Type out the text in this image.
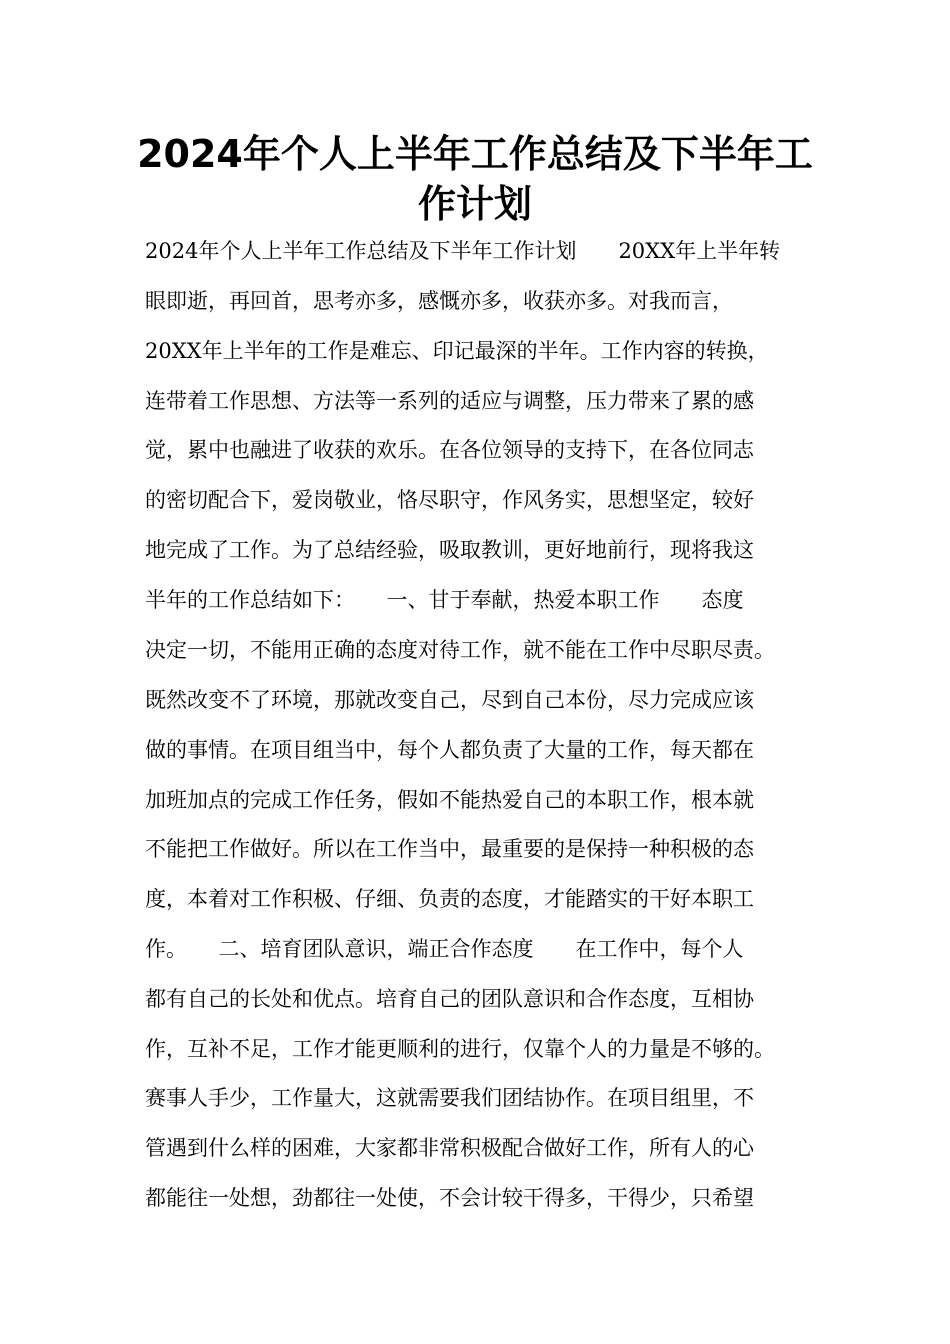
2024年个人上半年工作总结及下半年工
作计划

2024年个人上半年工作总结及下半年工作计划　　20XX年上半年转

眼即逝，再回首，思考亦多，感慨亦多，收获亦多。对我而言，

20XX年上半年的工作是难忘、印记最深的半年。工作内容的转换，

连带着工作思想、方法等一系列的适应与调整，压力带来了累的感

觉，累中也融进了收获的欢乐。在各位领导的支持下，在各位同志

的密切配合下，爱岗敬业，恪尽职守，作风务实，思想坚定，较好

地完成了工作。为了总结经验，吸取教训，更好地前行，现将我这

半年的工作总结如下：　　一、甘于奉献，热爱本职工作　　态度

决定一切，不能用正确的态度对待工作，就不能在工作中尽职尽责。

既然改变不了环境，那就改变自己，尽到自己本份，尽力完成应该

做的事情。在项目组当中，每个人都负责了大量的工作，每天都在

加班加点的完成工作任务，假如不能热爱自己的本职工作，根本就

不能把工作做好。所以在工作当中，最重要的是保持一种积极的态

度，本着对工作积极、仔细、负责的态度，才能踏实的干好本职工

作。　　二、培育团队意识，端正合作态度　　在工作中，每个人

都有自己的长处和优点。培育自己的团队意识和合作态度，互相协

作，互补不足，工作才能更顺利的进行，仅靠个人的力量是不够的。

赛事人手少，工作量大，这就需要我们团结协作。在项目组里，不

管遇到什么样的困难，大家都非常积极配合做好工作，所有人的心

都能往一处想，劲都往一处使，不会计较干得多，干得少，只希望
